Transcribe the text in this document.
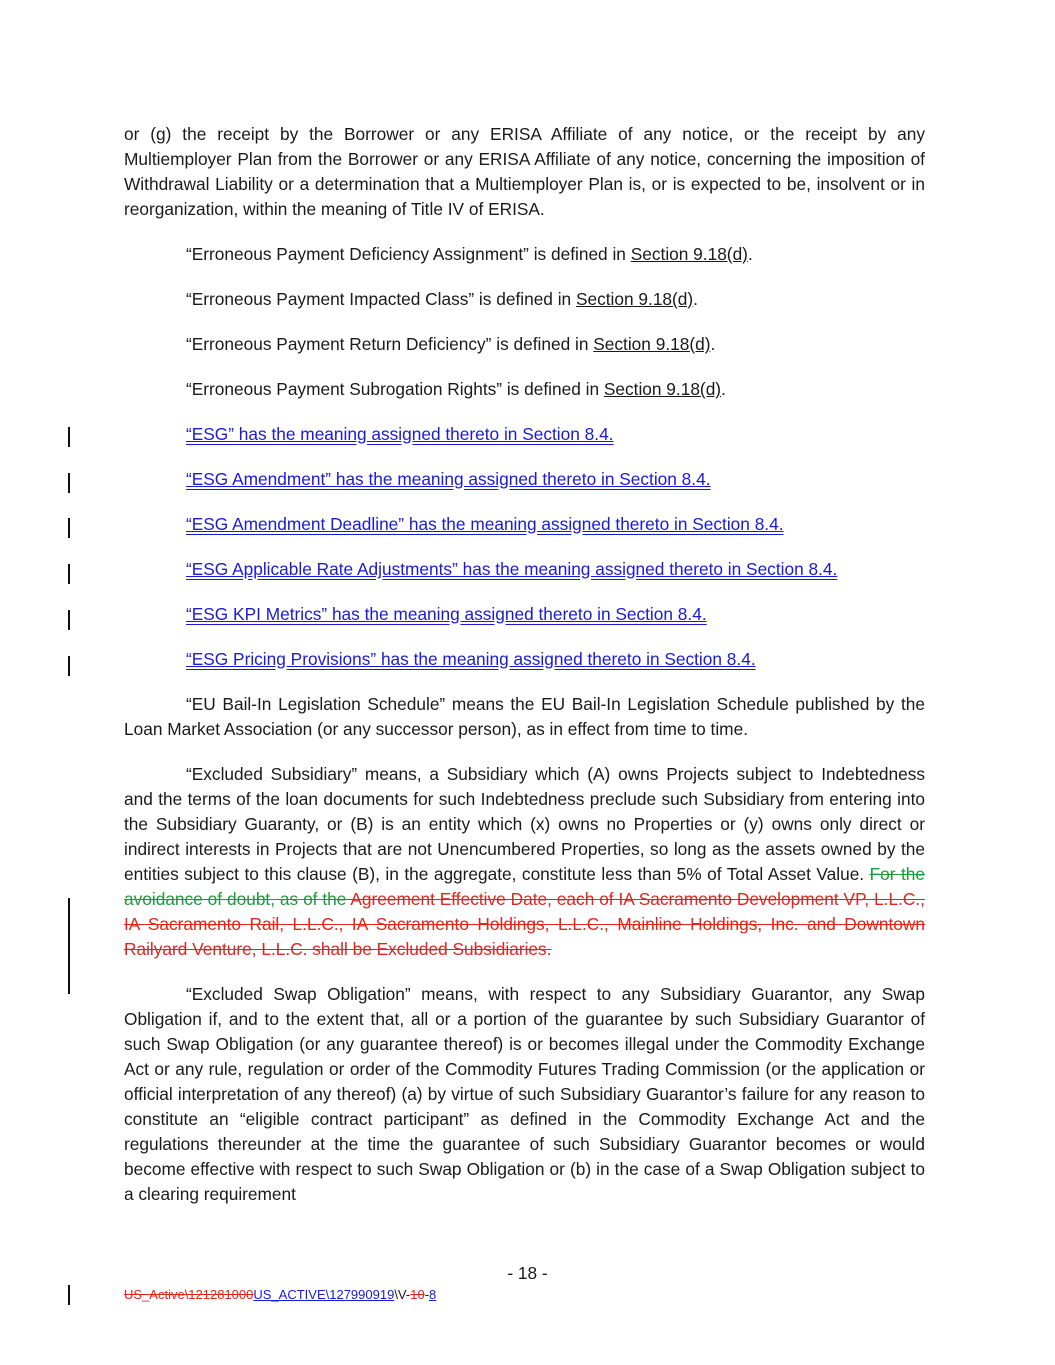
or (g) the receipt by the Borrower or any ERISA Affiliate of any notice, or the receipt by any Multiemployer Plan from the Borrower or any ERISA Affiliate of any notice, concerning the imposition of Withdrawal Liability or a determination that a Multiemployer Plan is, or is expected to be, insolvent or in reorganization, within the meaning of Title IV of ERISA.

“Erroneous Payment Deficiency Assignment” is defined in Section 9.18(d).

“Erroneous Payment Impacted Class” is defined in Section 9.18(d).

“Erroneous Payment Return Deficiency” is defined in Section 9.18(d).

“Erroneous Payment Subrogation Rights” is defined in Section 9.18(d).

“ESG” has the meaning assigned thereto in Section 8.4.

“ESG Amendment” has the meaning assigned thereto in Section 8.4.

“ESG Amendment Deadline” has the meaning assigned thereto in Section 8.4.

“ESG Applicable Rate Adjustments” has the meaning assigned thereto in Section 8.4.

“ESG KPI Metrics” has the meaning assigned thereto in Section 8.4.

“ESG Pricing Provisions” has the meaning assigned thereto in Section 8.4.

“EU Bail-In Legislation Schedule” means the EU Bail-In Legislation Schedule published by the Loan Market Association (or any successor person), as in effect from time to time.

“Excluded Subsidiary” means, a Subsidiary which (A) owns Projects subject to Indebtedness and the terms of the loan documents for such Indebtedness preclude such Subsidiary from entering into the Subsidiary Guaranty, or (B) is an entity which (x) owns no Properties or (y) owns only direct or indirect interests in Projects that are not Unencumbered Properties, so long as the assets owned by the entities subject to this clause (B), in the aggregate, constitute less than 5% of Total Asset Value. For the avoidance of doubt, as of the Agreement Effective Date, each of IA Sacramento Development VP, L.L.C., IA Sacramento Rail, L.L.C., IA Sacramento Holdings, L.L.C., Mainline Holdings, Inc. and Downtown Railyard Venture, L.L.C. shall be Excluded Subsidiaries.

“Excluded Swap Obligation” means, with respect to any Subsidiary Guarantor, any Swap Obligation if, and to the extent that, all or a portion of the guarantee by such Subsidiary Guarantor of such Swap Obligation (or any guarantee thereof) is or becomes illegal under the Commodity Exchange Act or any rule, regulation or order of the Commodity Futures Trading Commission (or the application or official interpretation of any thereof) (a) by virtue of such Subsidiary Guarantor’s failure for any reason to constitute an “eligible contract participant” as defined in the Commodity Exchange Act and the regulations thereunder at the time the guarantee of such Subsidiary Guarantor becomes or would become effective with respect to such Swap Obligation or (b) in the case of a Swap Obligation subject to a clearing requirement

- 18 -
US_Active\121281000US_ACTIVE\127990919\V-10-8
